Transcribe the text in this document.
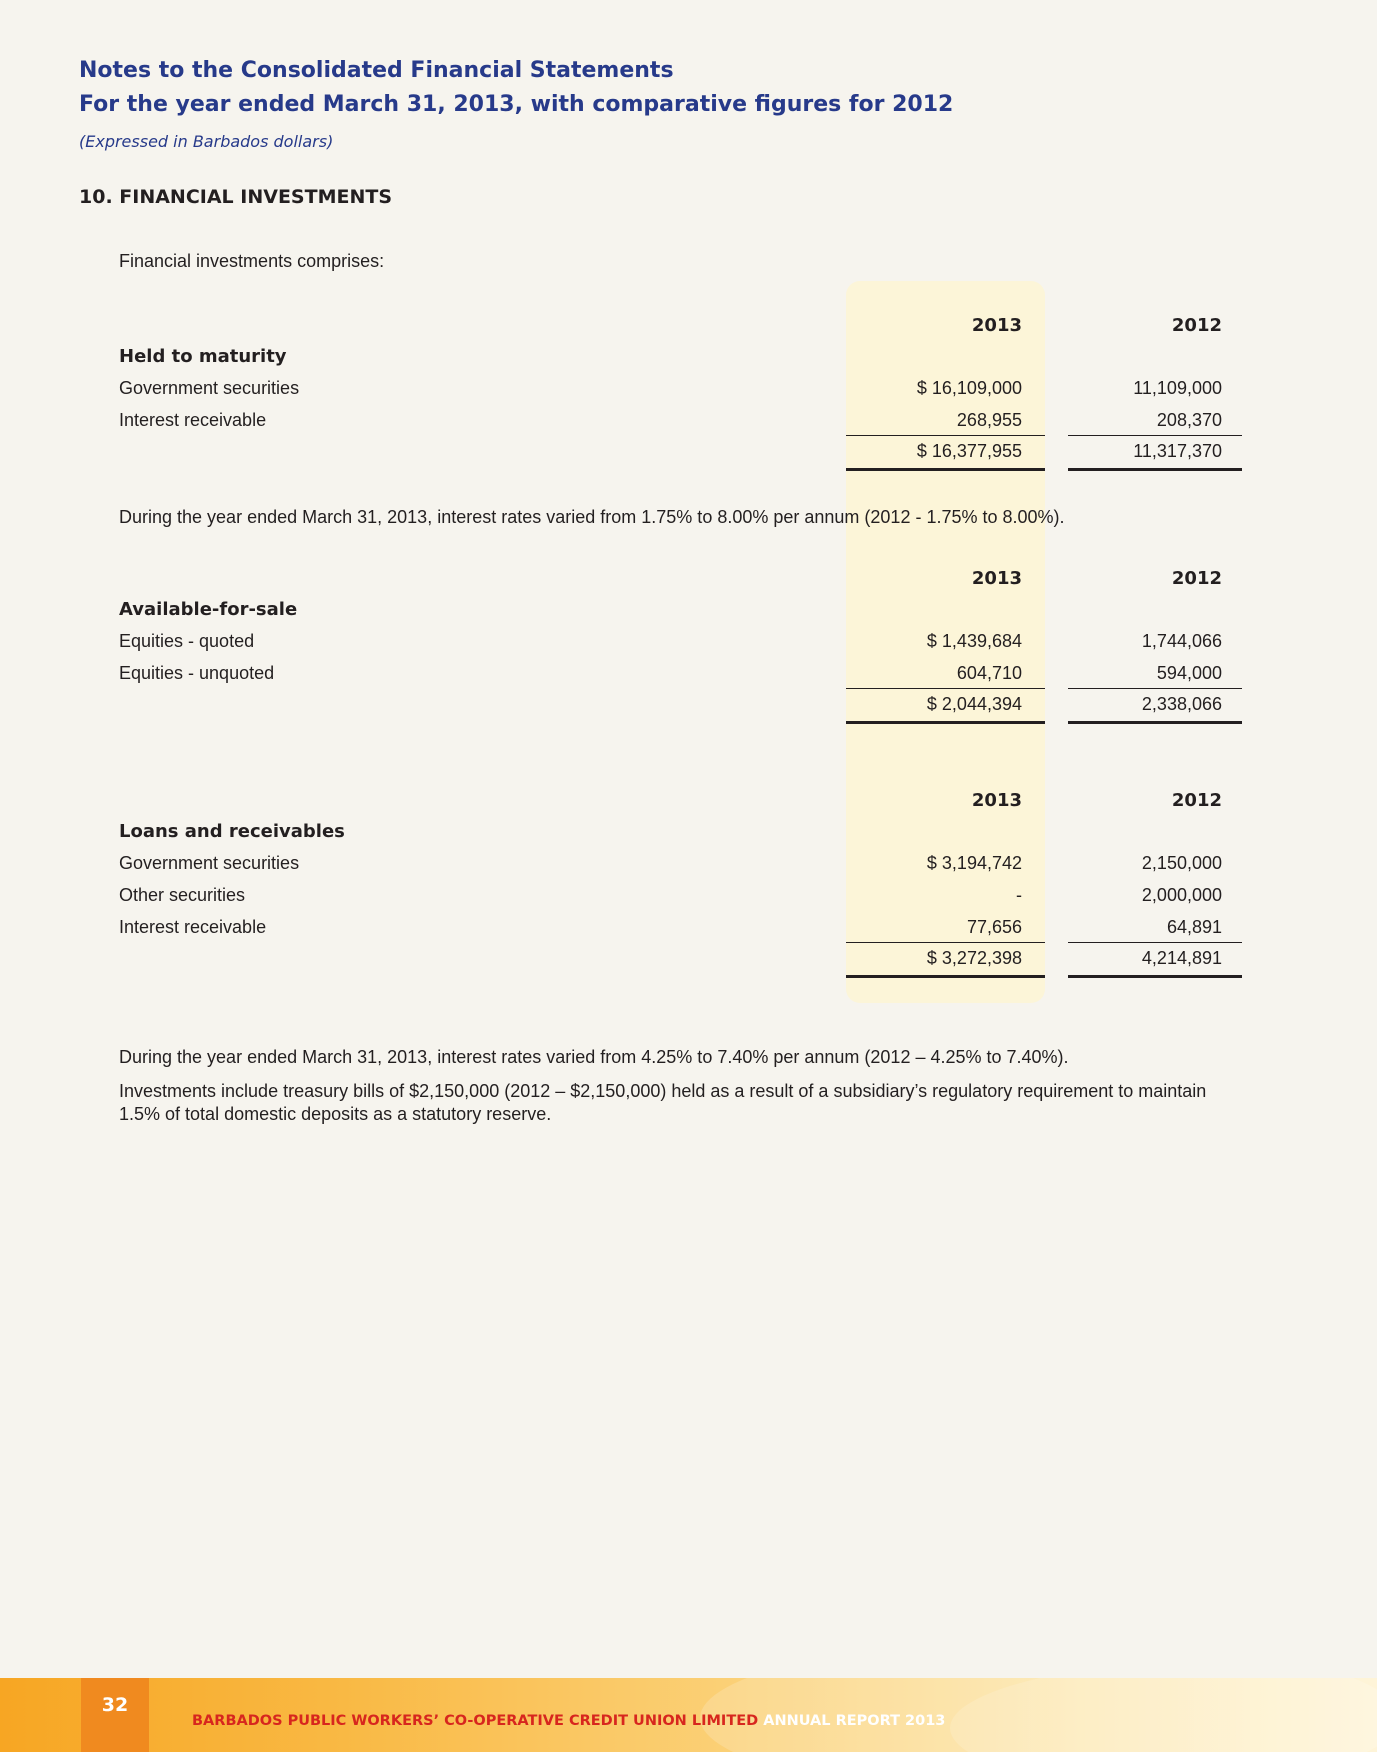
Notes to the Consolidated Financial Statements
For the year ended March 31, 2013, with comparative figures for 2012
(Expressed in Barbados dollars)
10. FINANCIAL INVESTMENTS
Financial investments comprises:
2013	2012
Held to maturity
Government securities	$ 16,109,000	11,109,000
Interest receivable	268,955	208,370
$ 16,377,955	11,317,370
During the year ended March 31, 2013, interest rates varied from 1.75% to 8.00% per annum (2012 - 1.75% to 8.00%).
2013	2012
Available-for-sale
Equities - quoted	$ 1,439,684	1,744,066
Equities - unquoted	604,710	594,000
$ 2,044,394	2,338,066
2013	2012
Loans and receivables
Government securities	$ 3,194,742	2,150,000
Other securities	-	2,000,000
Interest receivable	77,656	64,891
$ 3,272,398	4,214,891
During the year ended March 31, 2013, interest rates varied from 4.25% to 7.40% per annum (2012 – 4.25% to 7.40%).
Investments include treasury bills of $2,150,000 (2012 – $2,150,000) held as a result of a subsidiary’s regulatory requirement to maintain 1.5% of total domestic deposits as a statutory reserve.
32
BARBADOS PUBLIC WORKERS’ CO-OPERATIVE CREDIT UNION LIMITED ANNUAL REPORT 2013
